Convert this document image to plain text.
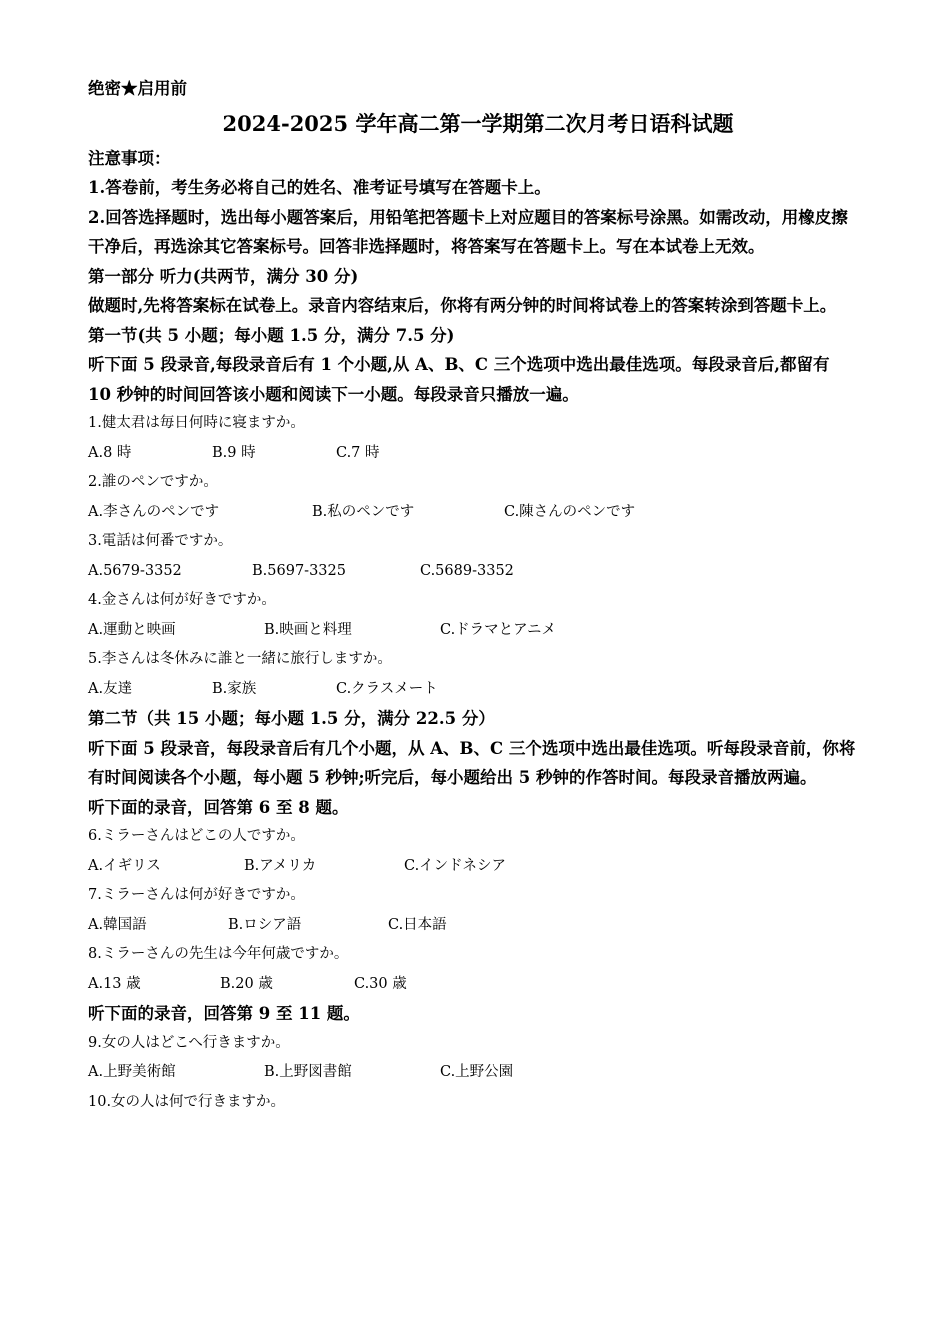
绝密★启用前
2024-2025 学年高二第一学期第二次月考日语科试题
注意事项：
1.答卷前，考生务必将自己的姓名、准考证号填写在答题卡上。
2.回答选择题时，选出每小题答案后，用铅笔把答题卡上对应题目的答案标号涂黑。如需改动，用橡皮擦干净后，再选涂其它答案标号。回答非选择题时，将答案写在答题卡上。写在本试卷上无效。
第一部分 听力(共两节，满分 30 分)
做题时,先将答案标在试卷上。录音内容结束后，你将有两分钟的时间将试卷上的答案转涂到答题卡上。
第一节(共 5 小题；每小题 1.5 分，满分 7.5 分)
听下面 5 段录音,每段录音后有 1 个小题,从 A、B、C 三个选项中选出最佳选项。每段录音后,都留有 10 秒钟的时间回答该小题和阅读下一小题。每段录音只播放一遍。
1.健太君は毎日何時に寝ますか。
A.8 時	B.9 時	C.7 時
2.誰のペンですか。
A.李さんのペンです	B.私のペンです	C.陳さんのペンです
3.電話は何番ですか。
A.5679-3352	B.5697-3325	C.5689-3352
4.金さんは何が好きですか。
A.運動と映画	B.映画と料理	C.ドラマとアニメ
5.李さんは冬休みに誰と一緒に旅行しますか。
A.友達	B.家族	C.クラスメート
第二节（共 15 小题；每小题 1.5 分，满分 22.5 分）
听下面 5 段录音，每段录音后有几个小题，从 A、B、C 三个选项中选出最佳选项。听每段录音前，你将有时间阅读各个小题，每小题 5 秒钟;听完后，每小题给出 5 秒钟的作答时间。每段录音播放两遍。
听下面的录音，回答第 6 至 8 题。
6.ミラーさんはどこの人ですか。
A.イギリス	B.アメリカ	C.インドネシア
7.ミラーさんは何が好きですか。
A.韓国語	B.ロシア語	C.日本語
8.ミラーさんの先生は今年何歳ですか。
A.13 歳	B.20 歳	C.30 歳
听下面的录音，回答第 9 至 11 题。
9.女の人はどこへ行きますか。
A.上野美術館	B.上野図書館	C.上野公園
10.女の人は何で行きますか。
